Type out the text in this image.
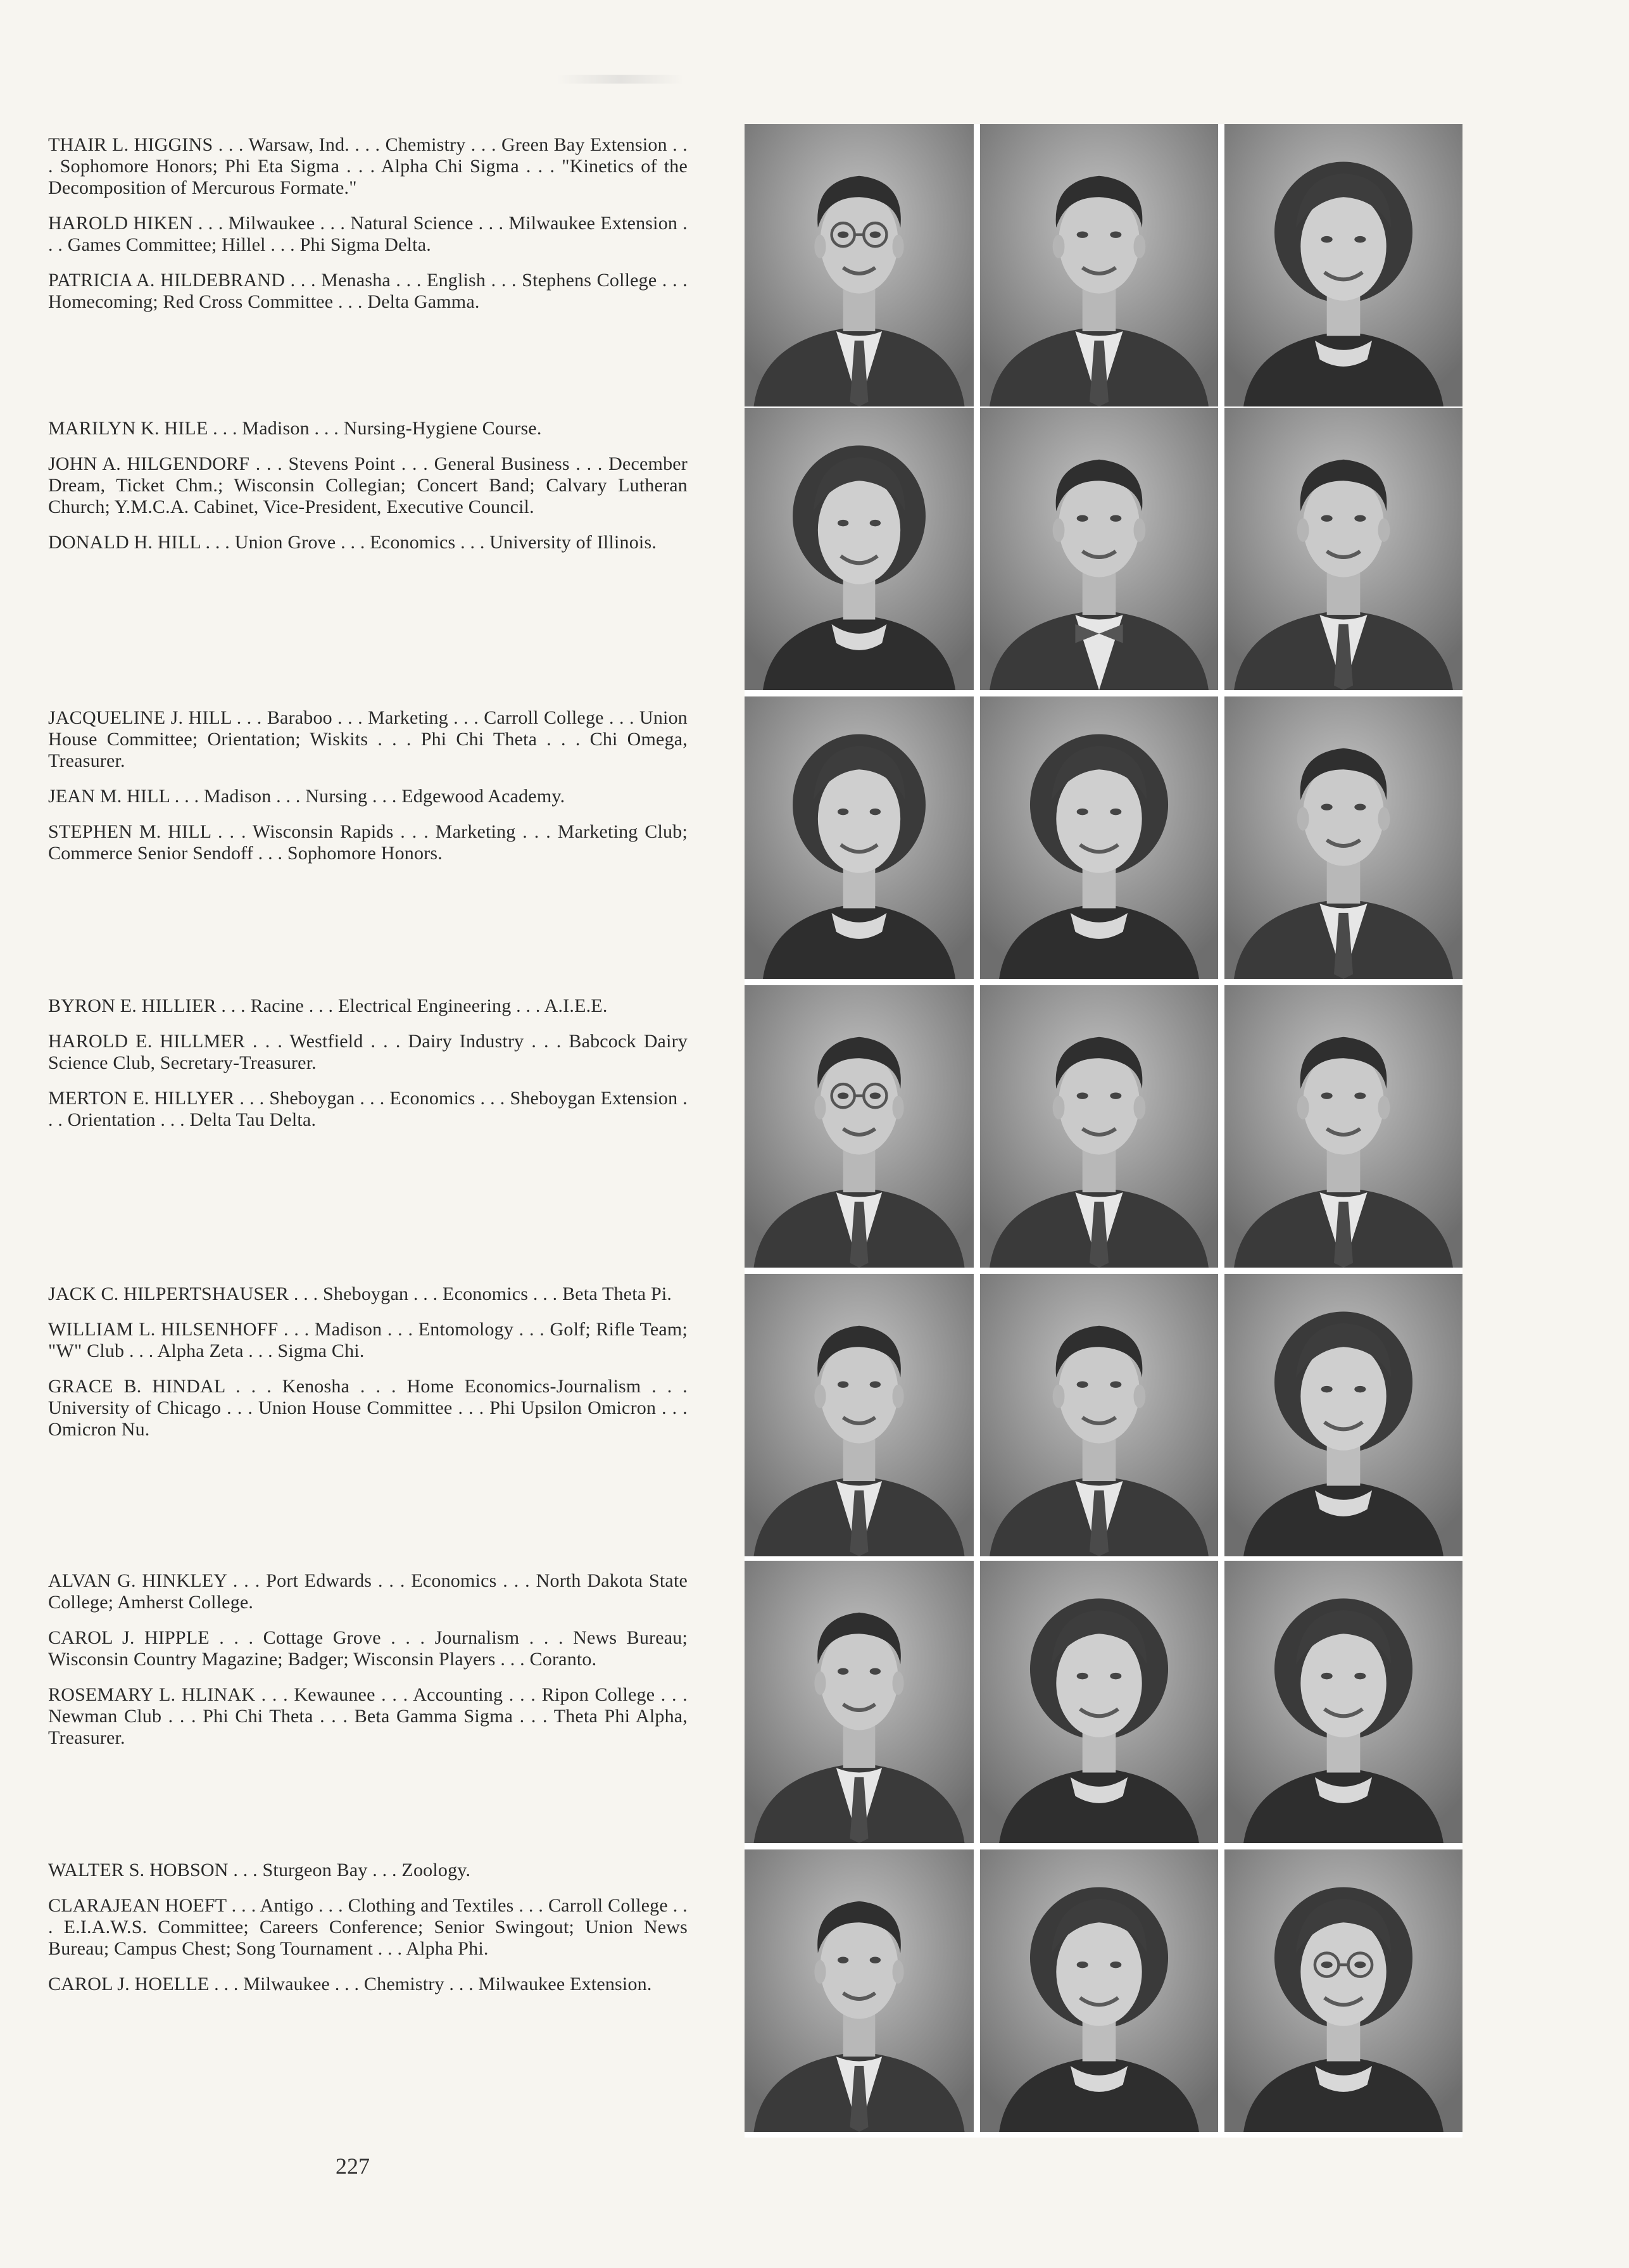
THAIR L. HIGGINS . . . Warsaw, Ind. . . . Chemistry . . . Green Bay Extension . . . Sophomore Honors; Phi Eta Sigma . . . Alpha Chi Sigma . . . "Kinetics of the Decomposition of Mercurous Formate."

HAROLD HIKEN . . . Milwaukee . . . Natural Science . . . Milwaukee Extension . . . Games Committee; Hillel . . . Phi Sigma Delta.

PATRICIA A. HILDEBRAND . . . Menasha . . . English . . . Stephens College . . . Homecoming; Red Cross Committee . . . Delta Gamma.

MARILYN K. HILE . . . Madison . . . Nursing-Hygiene Course.

JOHN A. HILGENDORF . . . Stevens Point . . . General Business . . . December Dream, Ticket Chm.; Wisconsin Collegian; Concert Band; Calvary Lutheran Church; Y.M.C.A. Cabinet, Vice-President, Executive Council.

DONALD H. HILL . . . Union Grove . . . Economics . . . University of Illinois.

JACQUELINE J. HILL . . . Baraboo . . . Marketing . . . Carroll College . . . Union House Committee; Orientation; Wiskits . . . Phi Chi Theta . . . Chi Omega, Treasurer.

JEAN M. HILL . . . Madison . . . Nursing . . . Edgewood Academy.

STEPHEN M. HILL . . . Wisconsin Rapids . . . Marketing . . . Marketing Club; Commerce Senior Sendoff . . . Sophomore Honors.

BYRON E. HILLIER . . . Racine . . . Electrical Engineering . . . A.I.E.E.

HAROLD E. HILLMER . . . Westfield . . . Dairy Industry . . . Babcock Dairy Science Club, Secretary-Treasurer.

MERTON E. HILLYER . . . Sheboygan . . . Economics . . . Sheboygan Extension . . . Orientation . . . Delta Tau Delta.

JACK C. HILPERTSHAUSER . . . Sheboygan . . . Economics . . . Beta Theta Pi.

WILLIAM L. HILSENHOFF . . . Madison . . . Entomology . . . Golf; Rifle Team; "W" Club . . . Alpha Zeta . . . Sigma Chi.

GRACE B. HINDAL . . . Kenosha . . . Home Economics-Journalism . . . University of Chicago . . . Union House Committee . . . Phi Upsilon Omicron . . . Omicron Nu.

ALVAN G. HINKLEY . . . Port Edwards . . . Economics . . . North Dakota State College; Amherst College.

CAROL J. HIPPLE . . . Cottage Grove . . . Journalism . . . News Bureau; Wisconsin Country Magazine; Badger; Wisconsin Players . . . Coranto.

ROSEMARY L. HLINAK . . . Kewaunee . . . Accounting . . . Ripon College . . . Newman Club . . . Phi Chi Theta . . . Beta Gamma Sigma . . . Theta Phi Alpha, Treasurer.

WALTER S. HOBSON . . . Sturgeon Bay . . . Zoology.

CLARAJEAN HOEFT . . . Antigo . . . Clothing and Textiles . . . Carroll College . . . E.I.A.W.S. Committee; Careers Conference; Senior Swingout; Union News Bureau; Campus Chest; Song Tournament . . . Alpha Phi.

CAROL J. HOELLE . . . Milwaukee . . . Chemistry . . . Milwaukee Extension.

227
